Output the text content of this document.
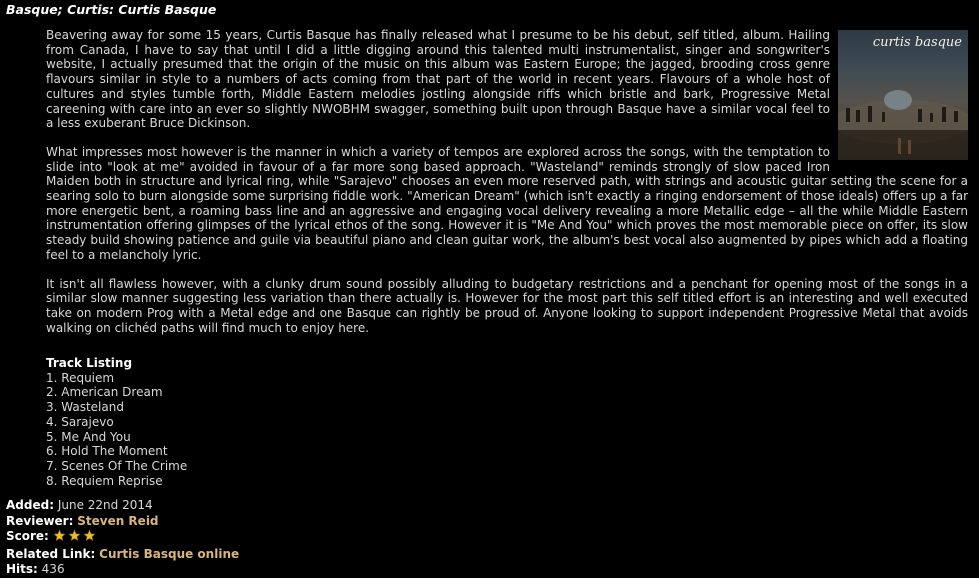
Basque; Curtis: Curtis Basque
curtis basque

Beavering away for some 15 years, Curtis Basque has finally released what I presume to be his debut, self titled, album. Hailing from Canada, I have to say that until I did a little digging around this talented multi instrumentalist, singer and songwriter's website, I actually presumed that the origin of the music on this album was Eastern Europe; the jagged, brooding cross genre flavours similar in style to a numbers of acts coming from that part of the world in recent years. Flavours of a whole host of cultures and styles tumble forth, Middle Eastern melodies jostling alongside riffs which bristle and bark, Progressive Metal careening with care into an ever so slightly NWOBHM swagger, something built upon through Basque have a similar vocal feel to a less exuberant Bruce Dickinson.

What impresses most however is the manner in which a variety of tempos are explored across the songs, with the temptation to slide into "look at me" avoided in favour of a far more song based approach. "Wasteland" reminds strongly of slow paced Iron Maiden both in structure and lyrical ring, while "Sarajevo" chooses an even more reserved path, with strings and acoustic guitar setting the scene for a searing solo to burn alongside some surprising fiddle work. "American Dream" (which isn't exactly a ringing endorsement of those ideals) offers up a far more energetic bent, a roaming bass line and an aggressive and engaging vocal delivery revealing a more Metallic edge – all the while Middle Eastern instrumentation offering glimpses of the lyrical ethos of the song. However it is "Me And You" which proves the most memorable piece on offer, its slow steady build showing patience and guile via beautiful piano and clean guitar work, the album's best vocal also augmented by pipes which add a floating feel to a melancholy lyric.

It isn't all flawless however, with a clunky drum sound possibly alluding to budgetary restrictions and a penchant for opening most of the songs in a similar slow manner suggesting less variation than there actually is. However for the most part this self titled effort is an interesting and well executed take on modern Prog with a Metal edge and one Basque can rightly be proud of. Anyone looking to support independent Progressive Metal that avoids walking on clichéd paths will find much to enjoy here.

Track Listing
1. Requiem
2. American Dream
3. Wasteland
4. Sarajevo
5. Me And You
6. Hold The Moment
7. Scenes Of The Crime
8. Requiem Reprise
Added: June 22nd 2014
Reviewer: Steven Reid
Score:
Related Link: Curtis Basque online
Hits: 436
